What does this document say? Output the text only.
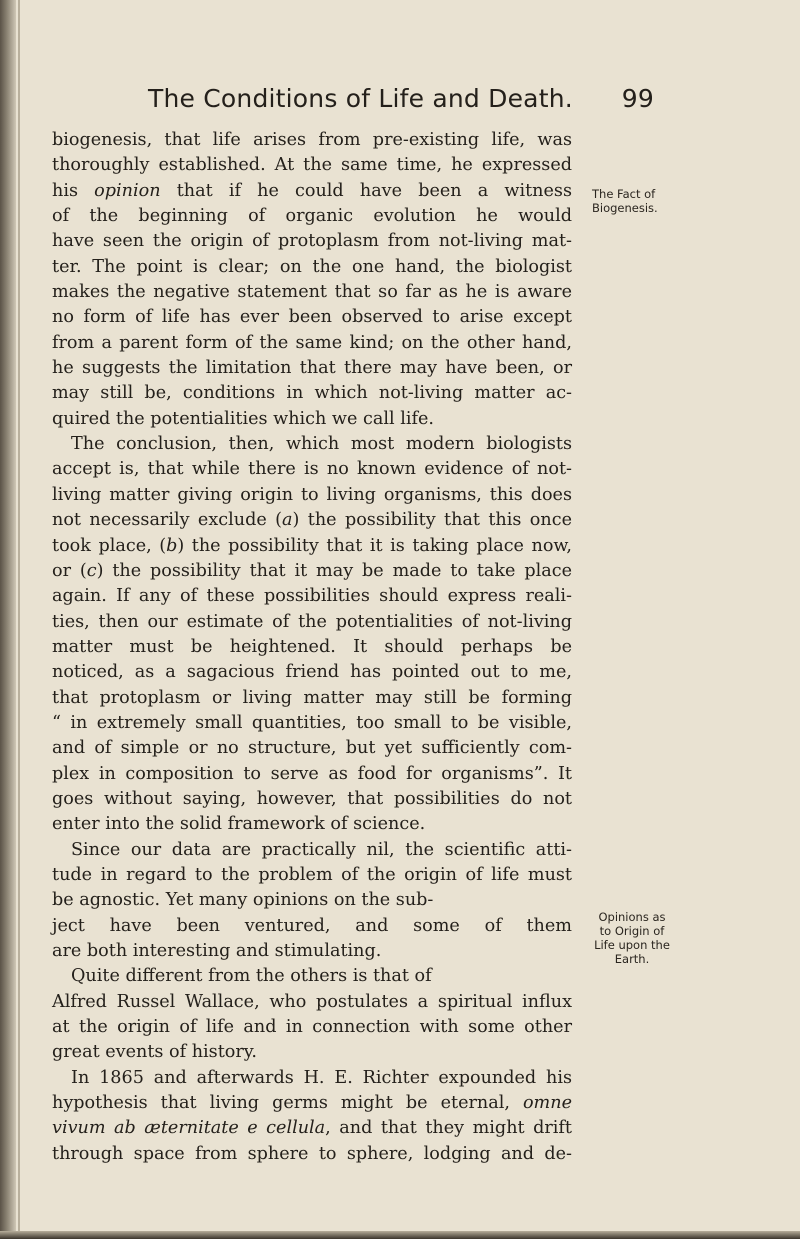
The Conditions of Life and Death. 99
biogenesis, that life arises from pre-existing life, was
thoroughly established. At the same time, he expressed
his opinion that if he could have been a witness
of the beginning of organic evolution he would
have seen the origin of protoplasm from not-living mat-
ter. The point is clear; on the one hand, the biologist
makes the negative statement that so far as he is aware
no form of life has ever been observed to arise except
from a parent form of the same kind; on the other hand,
he suggests the limitation that there may have been, or
may still be, conditions in which not-living matter ac-
quired the potentialities which we call life.
The conclusion, then, which most modern biologists
accept is, that while there is no known evidence of not-
living matter giving origin to living organisms, this does
not necessarily exclude (a) the possibility that this once
took place, (b) the possibility that it is taking place now,
or (c) the possibility that it may be made to take place
again. If any of these possibilities should express reali-
ties, then our estimate of the potentialities of not-living
matter must be heightened. It should perhaps be
noticed, as a sagacious friend has pointed out to me,
that protoplasm or living matter may still be forming
“ in extremely small quantities, too small to be visible,
and of simple or no structure, but yet sufficiently com-
plex in composition to serve as food for organisms”. It
goes without saying, however, that possibilities do not
enter into the solid framework of science.
Since our data are practically nil, the scientific atti-
tude in regard to the problem of the origin of life must
be agnostic. Yet many opinions on the sub-
ject have been ventured, and some of them
are both interesting and stimulating.
Quite different from the others is that of
Alfred Russel Wallace, who postulates a spiritual influx
at the origin of life and in connection with some other
great events of history.
In 1865 and afterwards H. E. Richter expounded his
hypothesis that living germs might be eternal, omne
vivum ab æternitate e cellula, and that they might drift
through space from sphere to sphere, lodging and de-
The Fact of
Biogenesis.
Opinions as
to Origin of
Life upon the
Earth.
